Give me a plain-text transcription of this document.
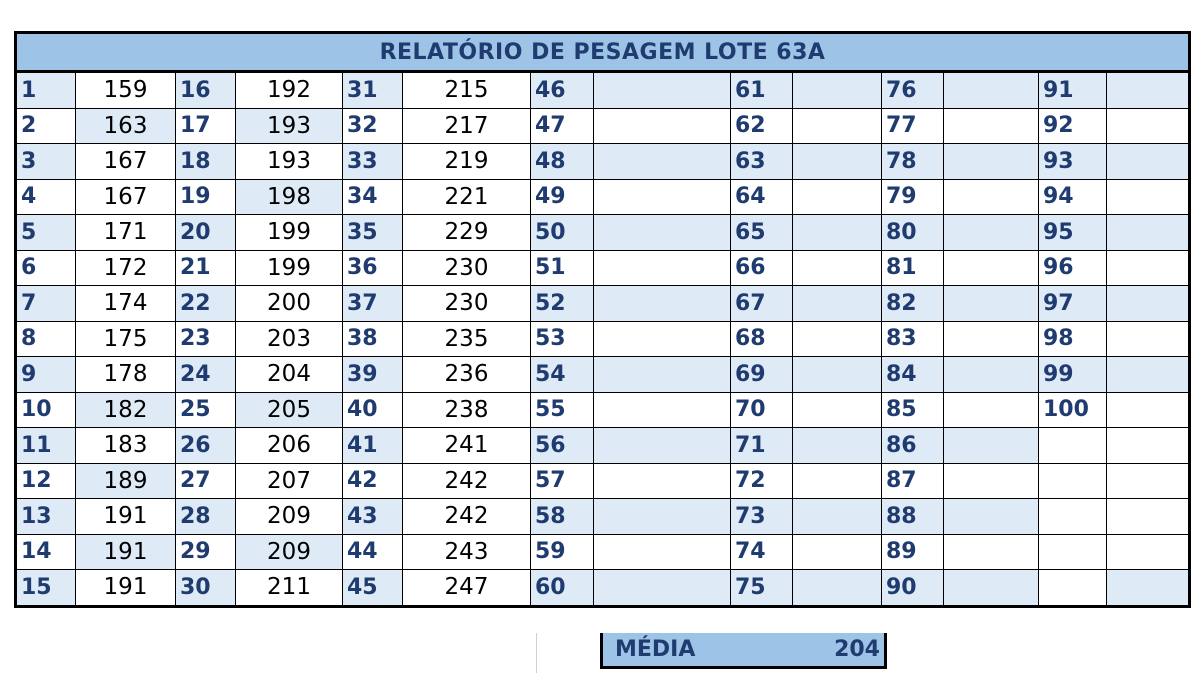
RELATÓRIO DE PESAGEM LOTE 63A													
1	159	16	192	31	215	46		61		76		91	
2	163	17	193	32	217	47		62		77		92	
3	167	18	193	33	219	48		63		78		93	
4	167	19	198	34	221	49		64		79		94	
5	171	20	199	35	229	50		65		80		95	
6	172	21	199	36	230	51		66		81		96	
7	174	22	200	37	230	52		67		82		97	
8	175	23	203	38	235	53		68		83		98	
9	178	24	204	39	236	54		69		84		99	
10	182	25	205	40	238	55		70		85		100	
11	183	26	206	41	241	56		71		86			
12	189	27	207	42	242	57		72		87			
13	191	28	209	43	242	58		73		88			
14	191	29	209	44	243	59		74		89			
15	191	30	211	45	247	60		75		90			
MÉDIA	204
